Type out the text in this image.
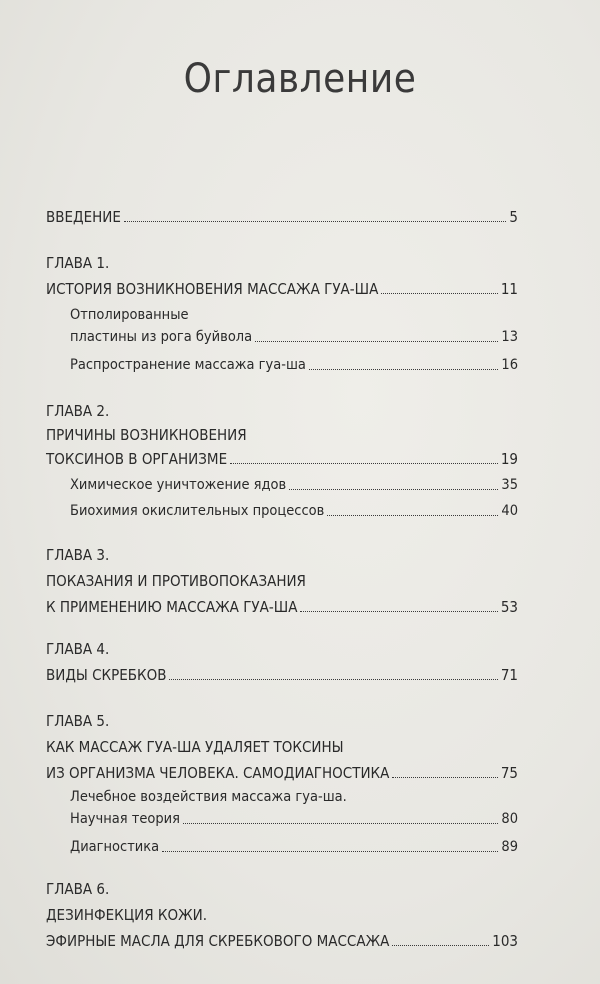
Оглавление
ВВЕДЕНИЕ	5
ГЛАВА 1.
ИСТОРИЯ ВОЗНИКНОВЕНИЯ МАССАЖА ГУА-ША	11
Отполированные
пластины из рога буйвола	13
Распространение массажа гуа-ша	16
ГЛАВА 2.
ПРИЧИНЫ ВОЗНИКНОВЕНИЯ
ТОКСИНОВ В ОРГАНИЗМЕ	19
Химическое уничтожение ядов	35
Биохимия окислительных процессов	40
ГЛАВА 3.
ПОКАЗАНИЯ И ПРОТИВОПОКАЗАНИЯ
К ПРИМЕНЕНИЮ МАССАЖА ГУА-ША	53
ГЛАВА 4.
ВИДЫ СКРЕБКОВ	71
ГЛАВА 5.
КАК МАССАЖ ГУА-ША УДАЛЯЕТ ТОКСИНЫ
ИЗ ОРГАНИЗМА ЧЕЛОВЕКА. САМОДИАГНОСТИКА	75
Лечебное воздействия массажа гуа-ша.
Научная теория	80
Диагностика	89
ГЛАВА 6.
ДЕЗИНФЕКЦИЯ КОЖИ.
ЭФИРНЫЕ МАСЛА ДЛЯ СКРЕБКОВОГО МАССАЖА	103
